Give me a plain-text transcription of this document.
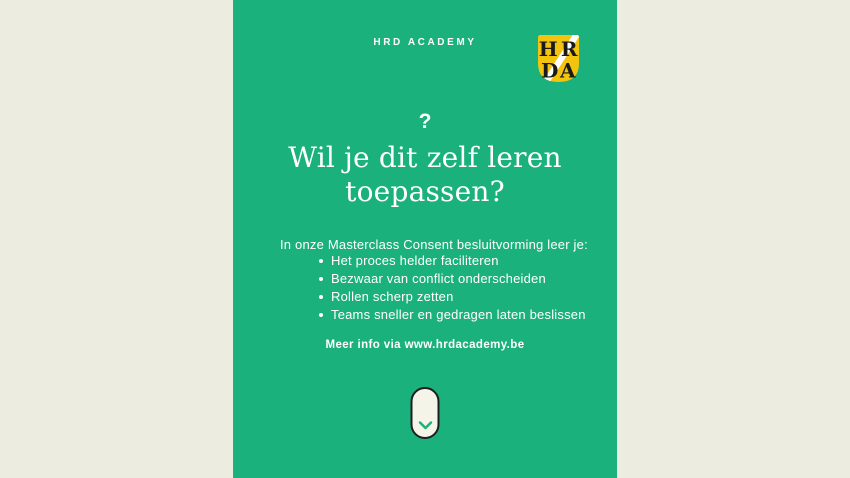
HRD ACADEMY	H R
D A
?
Wil je dit zelf leren
toepassen?
In onze Masterclass Consent besluitvorming leer je:
Het proces helder faciliteren
Bezwaar van conflict onderscheiden
Rollen scherp zetten
Teams sneller en gedragen laten beslissen
Meer info via www.hrdacademy.be
